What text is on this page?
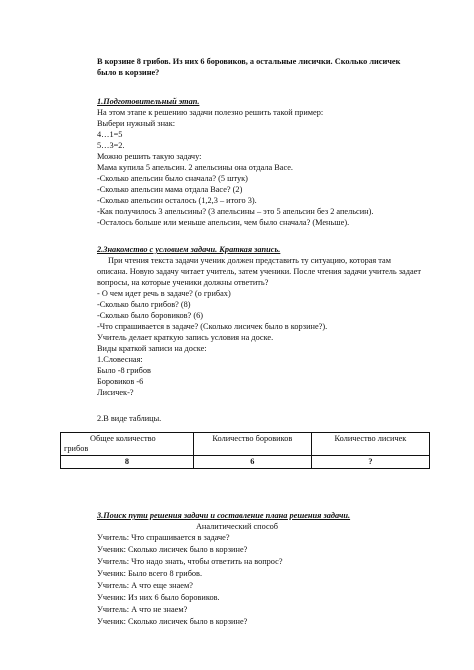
В корзине 8 грибов. Из них 6 боровиков, а остальные лисички. Сколько лисичек
было в корзине?
1.Подготовительный этап.
На этом этапе к решению задачи полезно решить такой пример:
Выбери нужный знак:
4…1=5
5…3=2.
Можно решить такую задачу:
Мама купила 5 апельсин. 2 апельсины она отдала Васе.
-Сколько апельсин было сначала? (5 штук)
-Сколько апельсин мама отдала Васе? (2)
-Сколько апельсин осталось (1,2,3 – итого 3).
-Как получилось 3 апельсины? (3 апельсины – это 5 апельсин без 2 апельсин).
-Осталось больше или меньше апельсин, чем было сначала? (Меньше).
2.Знакомство с условием задачи. Краткая запись.
При чтения текста задачи ученик должен представить ту ситуацию, которая там
описана. Новую задачу читает учитель, затем ученики. После чтения задачи учитель задает
вопросы, на которые ученики должны ответить?
- О чем идет речь в задаче? (о грибах)
-Сколько было грибов? (8)
-Сколько было боровиков? (6)
-Что спрашивается в задаче? (Сколько лисичек было в корзине?).
Учитель делает краткую запись условия на доске.
Виды краткой записи на доске:
1.Словесная:
Было -8 грибов
Боровиков -6
Лисичек-?
2.В виде таблицы.
Общее количество
грибов	Количество боровиков	Количество лисичек
8	6	?
3.Поиск пути решения задачи и составление плана решения задачи.
Аналитический способ
Учитель: Что спрашивается в задаче?
Ученик: Сколько лисичек было в корзине?
Учитель: Что надо знать, чтобы ответить на вопрос?
Ученик: Было всего 8 грибов.
Учитель: А что еще знаем?
Ученик: Из них 6 было боровиков.
Учитель: А что не знаем?
Ученик: Сколько лисичек было в корзине?
